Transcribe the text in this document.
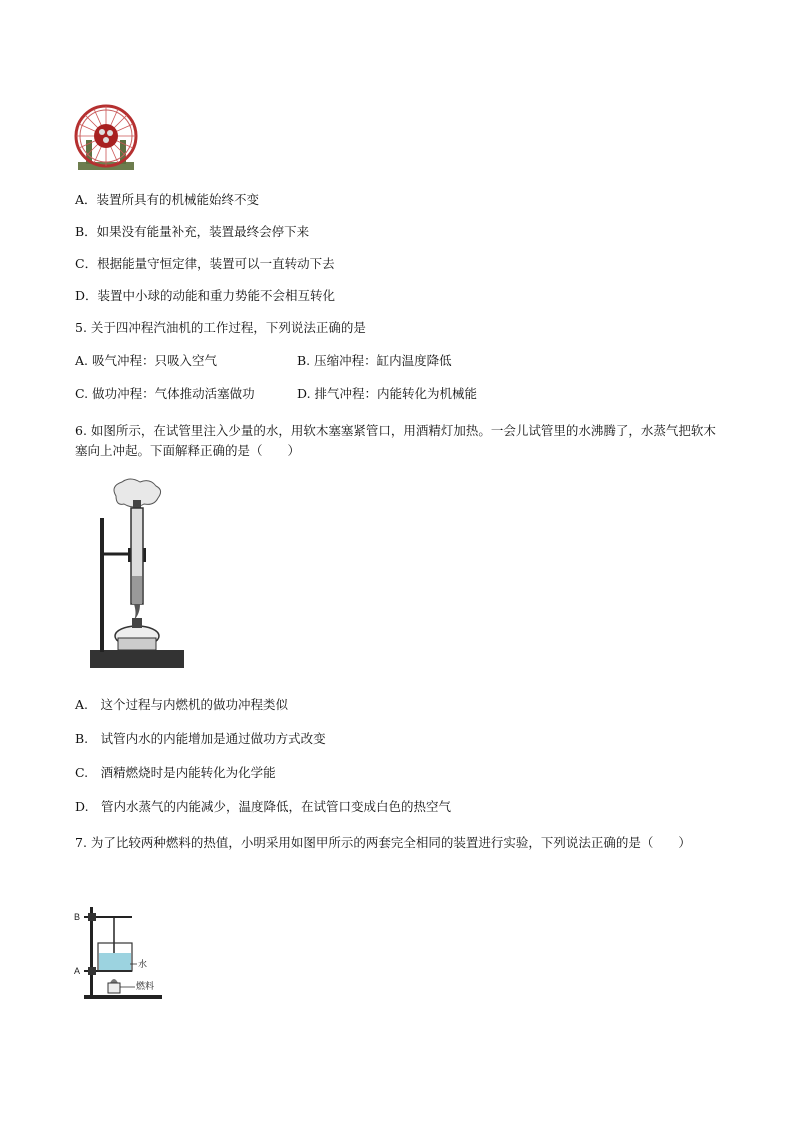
A．装置所具有的机械能始终不变
B．如果没有能量补充，装置最终会停下来
C．根据能量守恒定律，装置可以一直转动下去
D．装置中小球的动能和重力势能不会相互转化
5. 关于四冲程汽油机的工作过程，下列说法正确的是
A. 吸气冲程：只吸入空气	B. 压缩冲程：缸内温度降低
C. 做功冲程：气体推动活塞做功	D. 排气冲程：内能转化为机械能
6. 如图所示，在试管里注入少量的水，用软木塞塞紧管口，用酒精灯加热。一会儿试管里的水沸腾了，水蒸气把软木塞向上冲起。下面解释正确的是（　　）
A.　这个过程与内燃机的做功冲程类似
B.　试管内水的内能增加是通过做功方式改变
C.　酒精燃烧时是内能转化为化学能
D.　管内水蒸气的内能减少，温度降低，在试管口变成白色的热空气
7. 为了比较两种燃料的热值，小明采用如图甲所示的两套完全相同的装置进行实验，下列说法正确的是（　　）
B
A
水
燃料
